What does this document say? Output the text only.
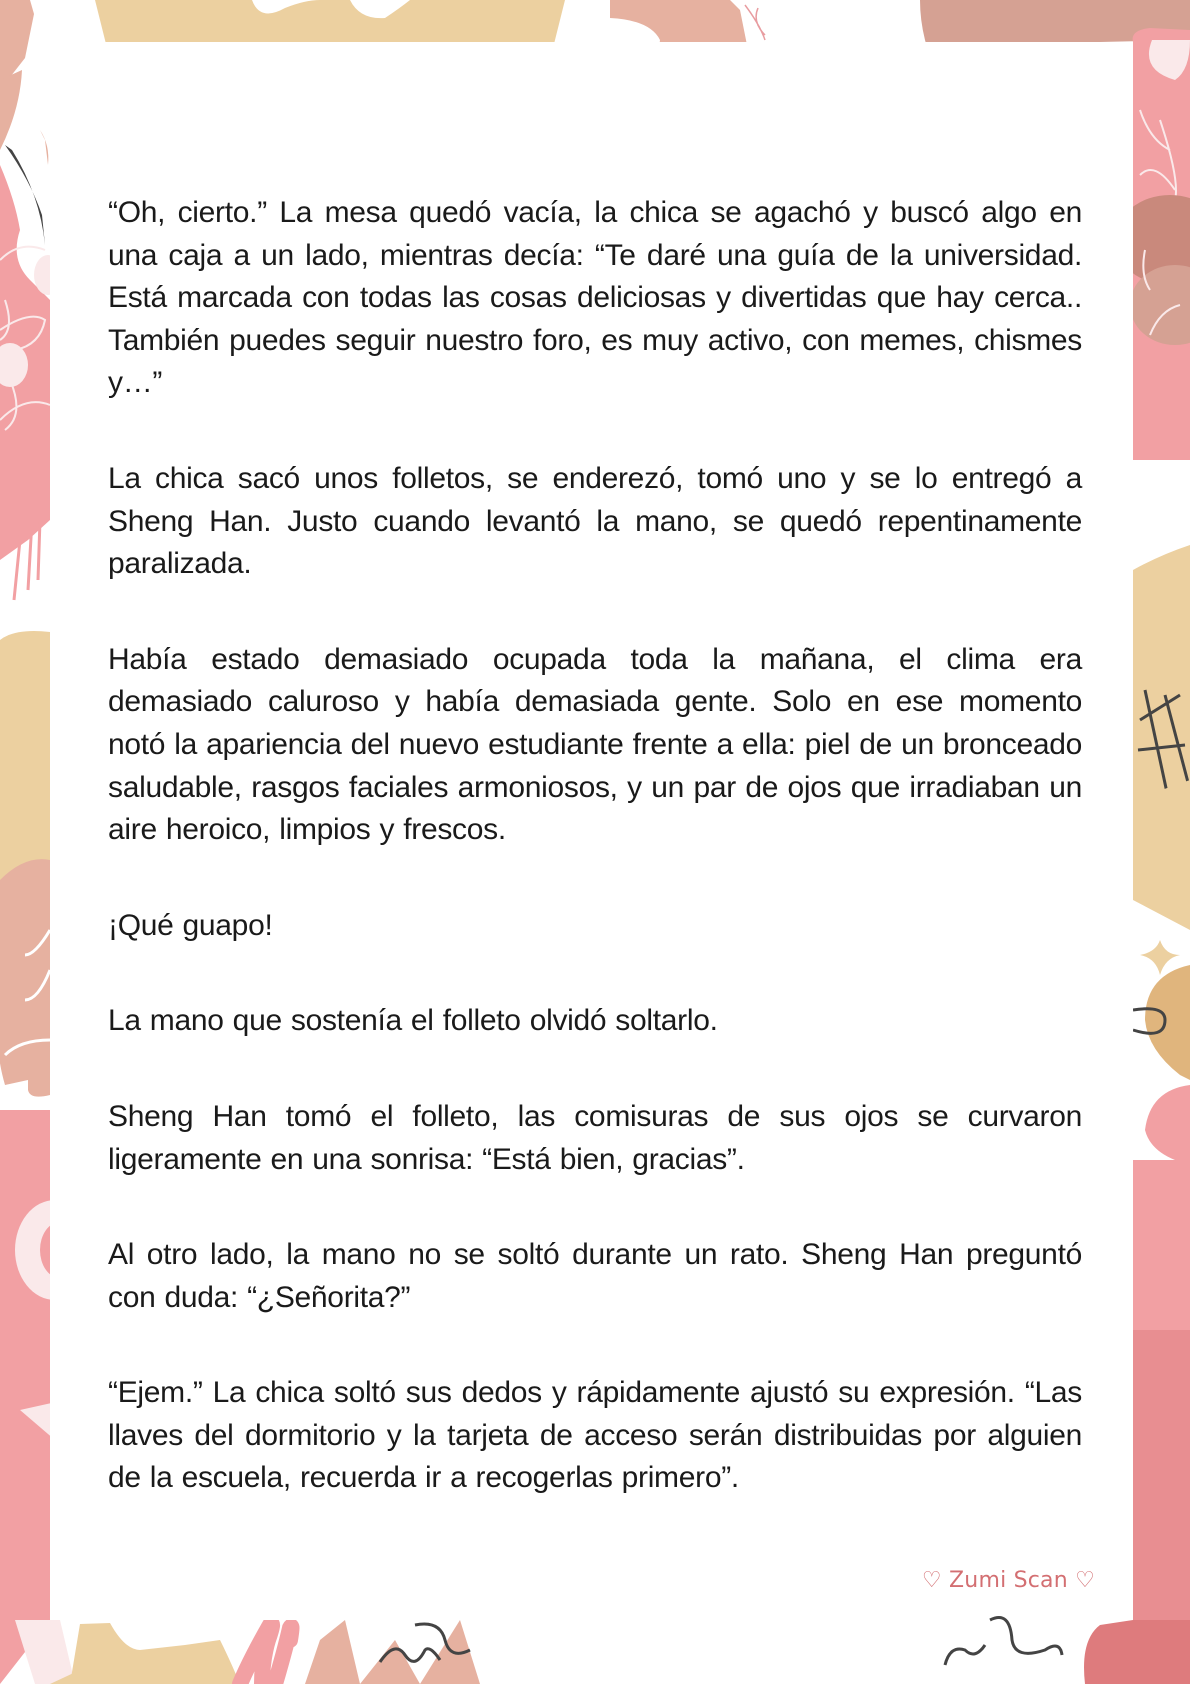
“Oh, cierto.” La mesa quedó vacía, la chica se agachó y buscó algo en una caja a un lado, mientras decía: “Te daré una guía de la universidad. Está marcada con todas las cosas deliciosas y divertidas que hay cerca.. También puedes seguir nuestro foro, es muy activo, con memes, chismes y…”

La chica sacó unos folletos, se enderezó, tomó uno y se lo entregó a Sheng Han. Justo cuando levantó la mano, se quedó repentinamente paralizada.

Había estado demasiado ocupada toda la mañana, el clima era demasiado caluroso y había demasiada gente. Solo en ese momento notó la apariencia del nuevo estudiante frente a ella: piel de un bronceado saludable, rasgos faciales armoniosos, y un par de ojos que irradiaban un aire heroico, limpios y frescos.

¡Qué guapo!

La mano que sostenía el folleto olvidó soltarlo.

Sheng Han tomó el folleto, las comisuras de sus ojos se curvaron ligeramente en una sonrisa: “Está bien, gracias”.

Al otro lado, la mano no se soltó durante un rato. Sheng Han preguntó con duda: “¿Señorita?”

“Ejem.” La chica soltó sus dedos y rápidamente ajustó su expresión. “Las llaves del dormitorio y la tarjeta de acceso serán distribuidas por alguien de la escuela, recuerda ir a recogerlas primero”.

♡ Zumi Scan ♡
